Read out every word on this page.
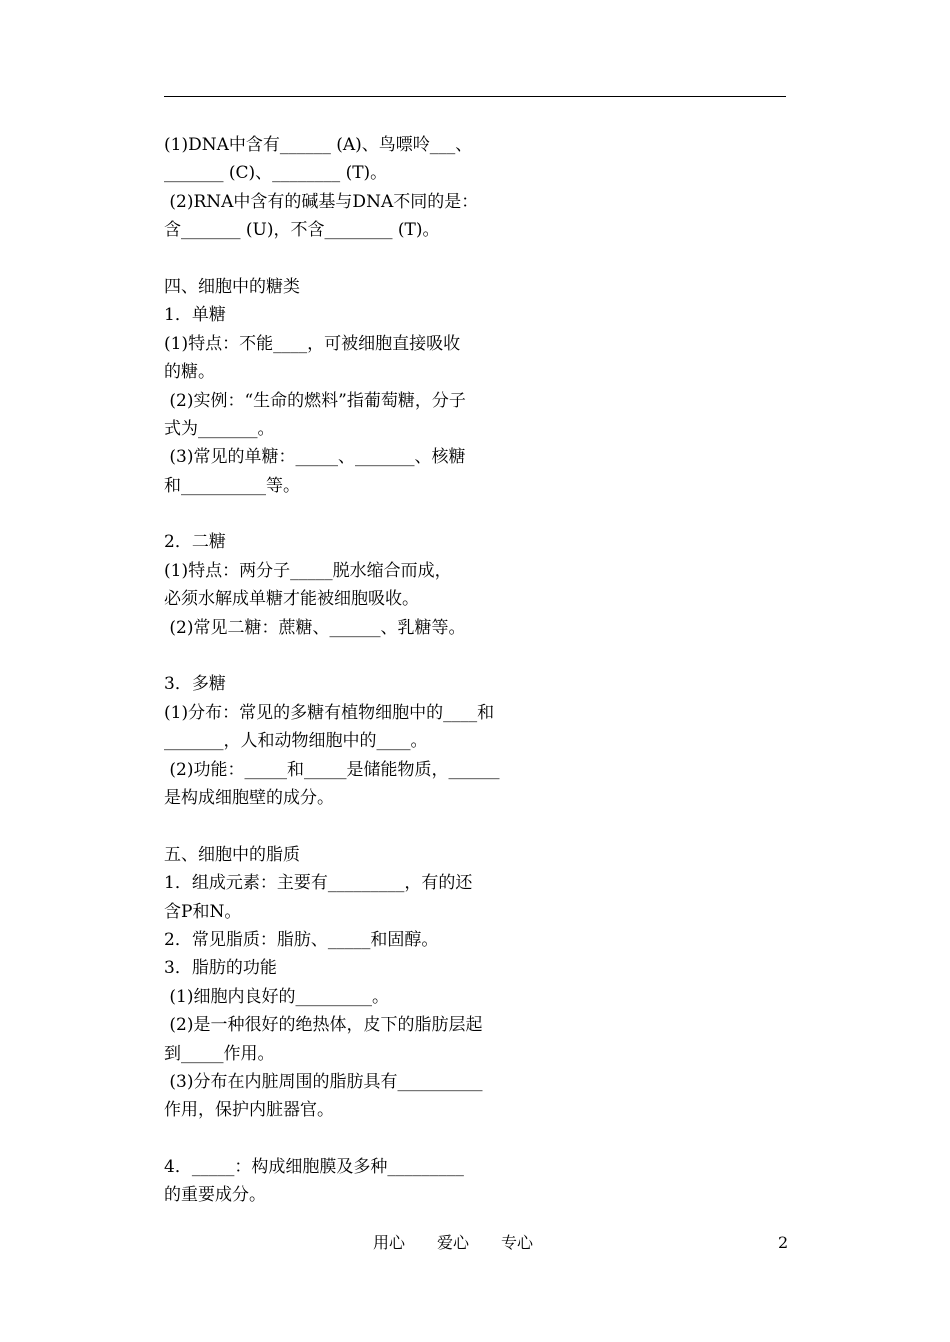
(1)DNA中含有______ (A)、鸟嘌呤___、
_______ (C)、________ (T)。
(2)RNA中含有的碱基与DNA不同的是：
含_______ (U)，不含________ (T)。
四、细胞中的糖类
1．单糖
(1)特点：不能____，可被细胞直接吸收
的糖。
(2)实例：“生命的燃料”指葡萄糖，分子
式为_______。
(3)常见的单糖：_____、_______、核糖
和__________等。
2．二糖
(1)特点：两分子_____脱水缩合而成，
必须水解成单糖才能被细胞吸收。
(2)常见二糖：蔗糖、______、乳糖等。
3．多糖
(1)分布：常见的多糖有植物细胞中的____和
_______，人和动物细胞中的____。
(2)功能：_____和_____是储能物质，______
是构成细胞壁的成分。
五、细胞中的脂质
1．组成元素：主要有_________，有的还
含P和N。
2．常见脂质：脂肪、_____和固醇。
3．脂肪的功能
(1)细胞内良好的_________。
(2)是一种很好的绝热体，皮下的脂肪层起
到_____作用。
(3)分布在内脏周围的脂肪具有__________
作用，保护内脏器官。
4．_____：构成细胞膜及多种_________
的重要成分。
用心　　爱心　　专心	2
